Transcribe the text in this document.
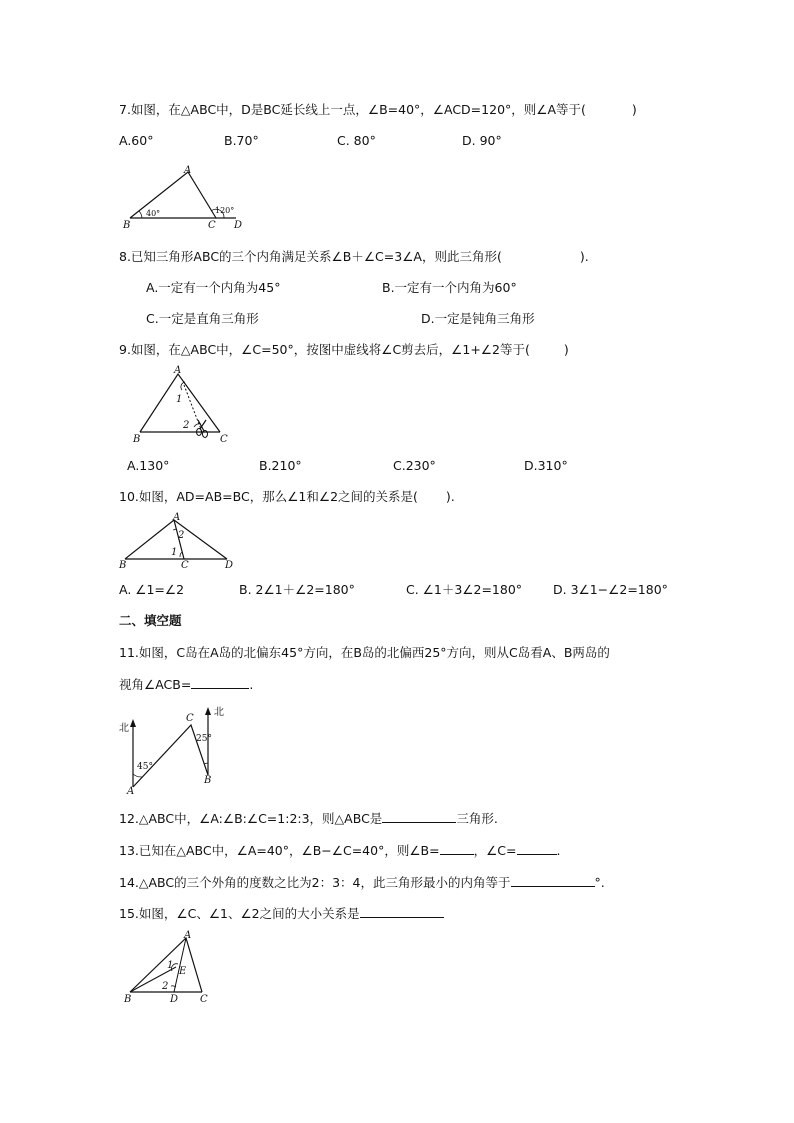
7.如图，在△ABC中，D是BC延长线上一点，∠B=40°，∠ACD=120°，则∠A等于(	)
A.60°	B.70°	C. 80°	D. 90°
A
B	C D
40°	120°
8.已知三角形ABC的三个内角满足关系∠B＋∠C=3∠A，则此三角形(	).
A.一定有一个内角为45°	B.一定有一个内角为60°
C.一定是直角三角形	D.一定是钝角三角形
9.如图，在△ABC中，∠C=50°，按图中虚线将∠C剪去后，∠1+∠2等于(	)
A
B	C
1
2
A.130°	B.210°	C.230°	D.310°
10.如图，AD=AB=BC，那么∠1和∠2之间的关系是( ).
A
B	C	D
1
2
A. ∠1=∠2	B. 2∠1＋∠2=180°	C. ∠1＋3∠2=180° D. 3∠1−∠2=180°
二、填空题
11.如图，C岛在A岛的北偏东45°方向，在B岛的北偏西25°方向，则从C岛看A、B两岛的
视角∠ACB=	.
北
北
A
B
C
45°
25°
12.△ABC中，∠A:∠B:∠C=1:2:3，则△ABC是	三角形.
13.已知在△ABC中，∠A=40°，∠B−∠C=40°，则∠B=	，∠C=	.
14.△ABC的三个外角的度数之比为2：3：4，此三角形最小的内角等于	°.
15.如图，∠C、∠1、∠2之间的大小关系是
A
B	C
D
E
1
2
